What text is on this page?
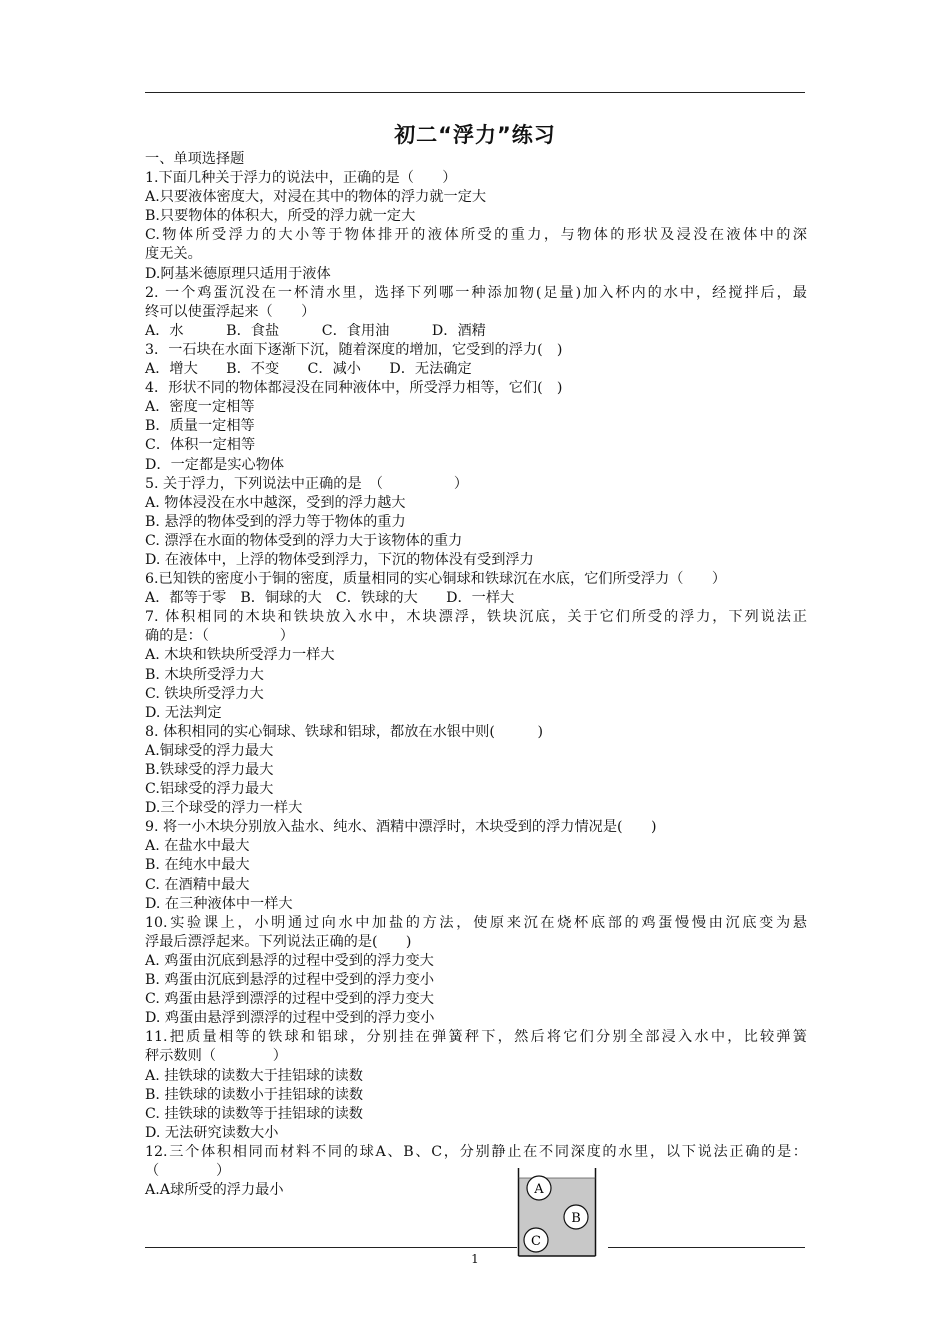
初二“浮力”练习
一、单项选择题
1.下面几种关于浮力的说法中，正确的是（　　）
A.只要液体密度大，对浸在其中的物体的浮力就一定大
B.只要物体的体积大，所受的浮力就一定大
C.物体所受浮力的大小等于物体排开的液体所受的重力，与物体的形状及浸没在液体中的深
度无关。
D.阿基米德原理只适用于液体
2. 一个鸡蛋沉没在一杯清水里，选择下列哪一种添加物(足量)加入杯内的水中，经搅拌后，最
终可以使蛋浮起来（　　）
A．水　　　B．食盐　　　C．食用油　　　D．酒精
3．一石块在水面下逐渐下沉，随着深度的增加，它受到的浮力(　)
A．增大　　B．不变　　C．减小　　D．无法确定
4．形状不同的物体都浸没在同种液体中，所受浮力相等，它们(　)
A．密度一定相等
B．质量一定相等
C．体积一定相等
D．一定都是实心物体
5. 关于浮力，下列说法中正确的是　（　　　　　）
A. 物体浸没在水中越深，受到的浮力越大
B. 悬浮的物体受到的浮力等于物体的重力
C. 漂浮在水面的物体受到的浮力大于该物体的重力
D. 在液体中，上浮的物体受到浮力，下沉的物体没有受到浮力
6.已知铁的密度小于铜的密度，质量相同的实心铜球和铁球沉在水底，它们所受浮力（　　）
A．都等于零　B．铜球的大　C．铁球的大　　D．一样大
7. 体积相同的木块和铁块放入水中，木块漂浮，铁块沉底，关于它们所受的浮力，下列说法正
确的是：（　　　　　）
A. 木块和铁块所受浮力一样大
B. 木块所受浮力大
C. 铁块所受浮力大
D. 无法判定
8. 体积相同的实心铜球、铁球和铝球，都放在水银中则(　　　)
A.铜球受的浮力最大
B.铁球受的浮力最大
C.铝球受的浮力最大
D.三个球受的浮力一样大
9. 将一小木块分别放入盐水、纯水、酒精中漂浮时，木块受到的浮力情况是(　　)
A. 在盐水中最大
B. 在纯水中最大
C. 在酒精中最大
D. 在三种液体中一样大
10.实验课上，小明通过向水中加盐的方法，使原来沉在烧杯底部的鸡蛋慢慢由沉底变为悬
浮最后漂浮起来。下列说法正确的是(　　)
A. 鸡蛋由沉底到悬浮的过程中受到的浮力变大
B. 鸡蛋由沉底到悬浮的过程中受到的浮力变小
C. 鸡蛋由悬浮到漂浮的过程中受到的浮力变大
D. 鸡蛋由悬浮到漂浮的过程中受到的浮力变小
11.把质量相等的铁球和铝球，分别挂在弹簧秤下，然后将它们分别全部浸入水中，比较弹簧
秤示数则（　　　　）
A. 挂铁球的读数大于挂铝球的读数
B. 挂铁球的读数小于挂铝球的读数
C. 挂铁球的读数等于挂铝球的读数
D. 无法研究读数大小
12.三个体积相同而材料不同的球A、B、C，分别静止在不同深度的水里，以下说法正确的是：
（　　　　）
A.A球所受的浮力最小	A
B
C
1
